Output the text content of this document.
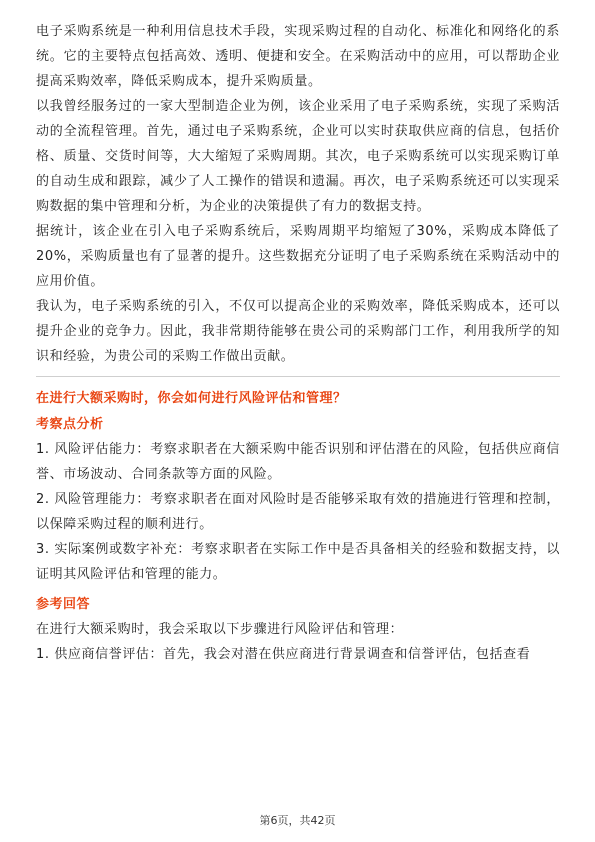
电子采购系统是一种利用信息技术手段，实现采购过程的自动化、标准化和网络化的系统。它的主要特点包括高效、透明、便捷和安全。在采购活动中的应用，可以帮助企业提高采购效率，降低采购成本，提升采购质量。

以我曾经服务过的一家大型制造企业为例，该企业采用了电子采购系统，实现了采购活动的全流程管理。首先，通过电子采购系统，企业可以实时获取供应商的信息，包括价格、质量、交货时间等，大大缩短了采购周期。其次，电子采购系统可以实现采购订单的自动生成和跟踪，减少了人工操作的错误和遗漏。再次，电子采购系统还可以实现采购数据的集中管理和分析，为企业的决策提供了有力的数据支持。

据统计，该企业在引入电子采购系统后，采购周期平均缩短了30%，采购成本降低了20%，采购质量也有了显著的提升。这些数据充分证明了电子采购系统在采购活动中的应用价值。

我认为，电子采购系统的引入，不仅可以提高企业的采购效率，降低采购成本，还可以提升企业的竞争力。因此，我非常期待能够在贵公司的采购部门工作，利用我所学的知识和经验，为贵公司的采购工作做出贡献。

在进行大额采购时，你会如何进行风险评估和管理？

考察点分析

1. 风险评估能力：考察求职者在大额采购中能否识别和评估潜在的风险，包括供应商信誉、市场波动、合同条款等方面的风险。

2. 风险管理能力：考察求职者在面对风险时是否能够采取有效的措施进行管理和控制，以保障采购过程的顺利进行。

3. 实际案例或数字补充：考察求职者在实际工作中是否具备相关的经验和数据支持，以证明其风险评估和管理的能力。

参考回答

在进行大额采购时，我会采取以下步骤进行风险评估和管理：

1. 供应商信誉评估：首先，我会对潜在供应商进行背景调查和信誉评估，包括查看

第6页，共42页
